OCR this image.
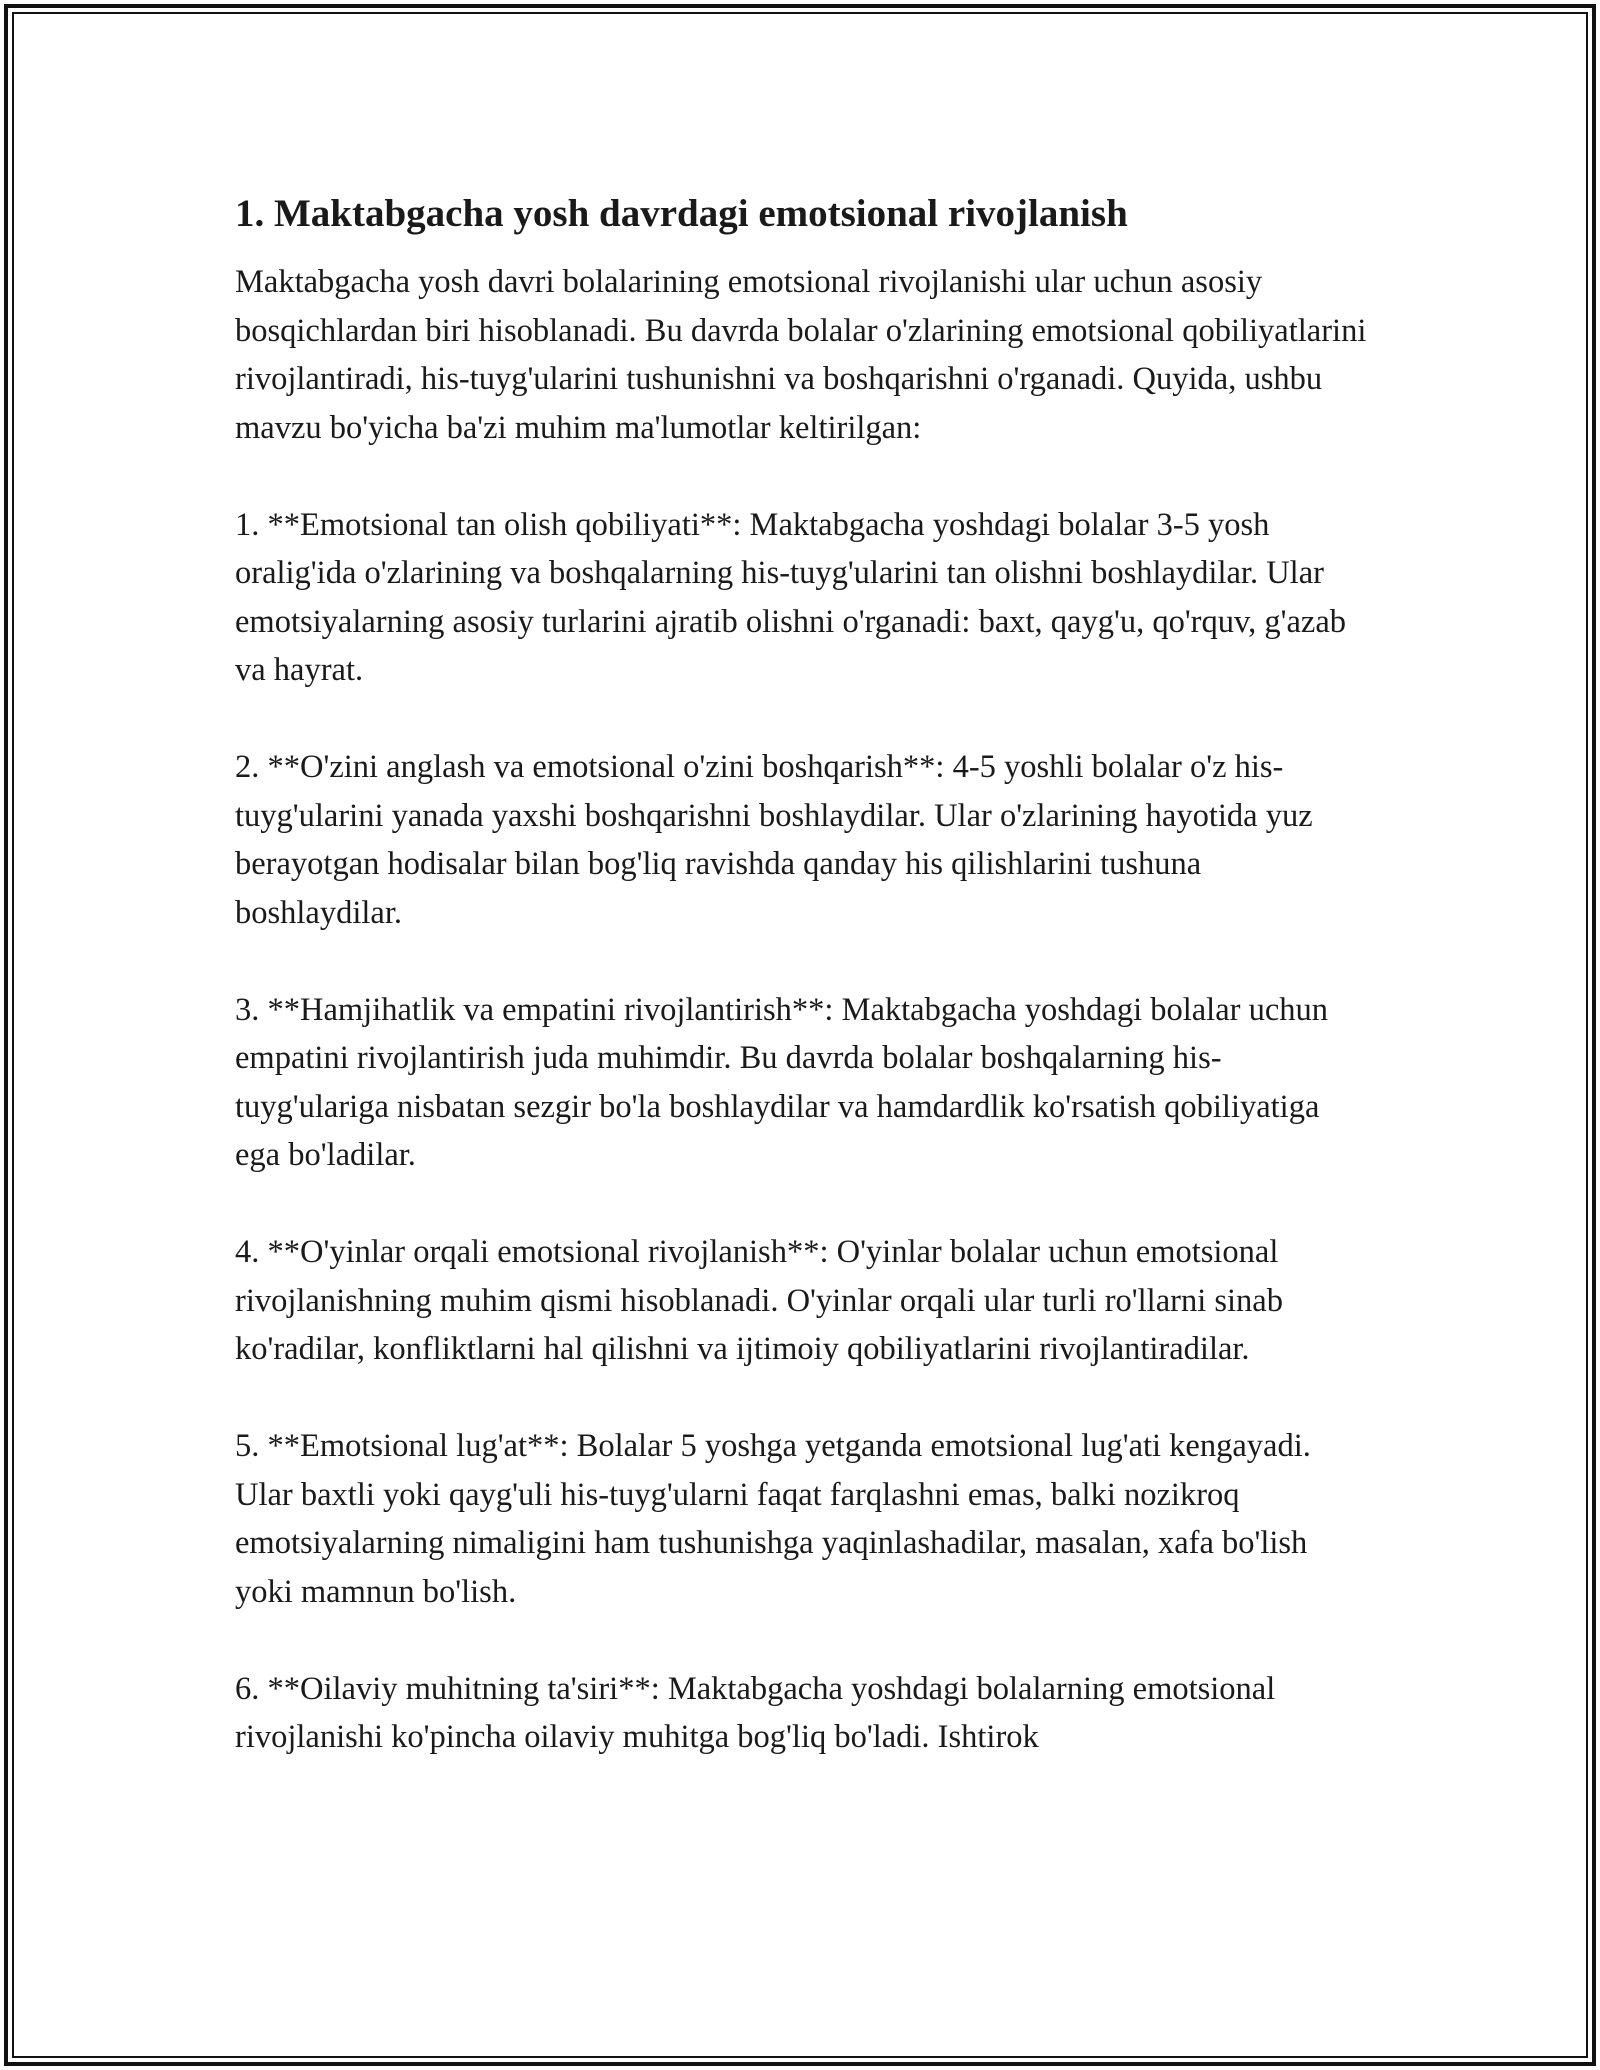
1. Maktabgacha yosh davrdagi emotsional rivojlanish

Maktabgacha yosh davri bolalarining emotsional rivojlanishi ular uchun asosiy bosqichlardan biri hisoblanadi. Bu davrda bolalar o'zlarining emotsional qobiliyatlarini rivojlantiradi, his-tuyg'ularini tushunishni va boshqarishni o'rganadi. Quyida, ushbu mavzu bo'yicha ba'zi muhim ma'lumotlar keltirilgan:

1. **Emotsional tan olish qobiliyati**: Maktabgacha yoshdagi bolalar 3-5 yosh oralig'ida o'zlarining va boshqalarning his-tuyg'ularini tan olishni boshlaydilar. Ular emotsiyalarning asosiy turlarini ajratib olishni o'rganadi: baxt, qayg'u, qo'rquv, g'azab va hayrat.

2. **O'zini anglash va emotsional o'zini boshqarish**: 4-5 yoshli bolalar o'z his-tuyg'ularini yanada yaxshi boshqarishni boshlaydilar. Ular o'zlarining hayotida yuz berayotgan hodisalar bilan bog'liq ravishda qanday his qilishlarini tushuna boshlaydilar.

3. **Hamjihatlik va empatini rivojlantirish**: Maktabgacha yoshdagi bolalar uchun empatini rivojlantirish juda muhimdir. Bu davrda bolalar boshqalarning his-tuyg'ulariga nisbatan sezgir bo'la boshlaydilar va hamdardlik ko'rsatish qobiliyatiga ega bo'ladilar.

4. **O'yinlar orqali emotsional rivojlanish**: O'yinlar bolalar uchun emotsional rivojlanishning muhim qismi hisoblanadi. O'yinlar orqali ular turli ro'llarni sinab ko'radilar, konfliktlarni hal qilishni va ijtimoiy qobiliyatlarini rivojlantiradilar.

5. **Emotsional lug'at**: Bolalar 5 yoshga yetganda emotsional lug'ati kengayadi. Ular baxtli yoki qayg'uli his-tuyg'ularni faqat farqlashni emas, balki nozikroq emotsiyalarning nimaligini ham tushunishga yaqinlashadilar, masalan, xafa bo'lish yoki mamnun bo'lish.

6. **Oilaviy muhitning ta'siri**: Maktabgacha yoshdagi bolalarning emotsional rivojlanishi ko'pincha oilaviy muhitga bog'liq bo'ladi. Ishtirok
